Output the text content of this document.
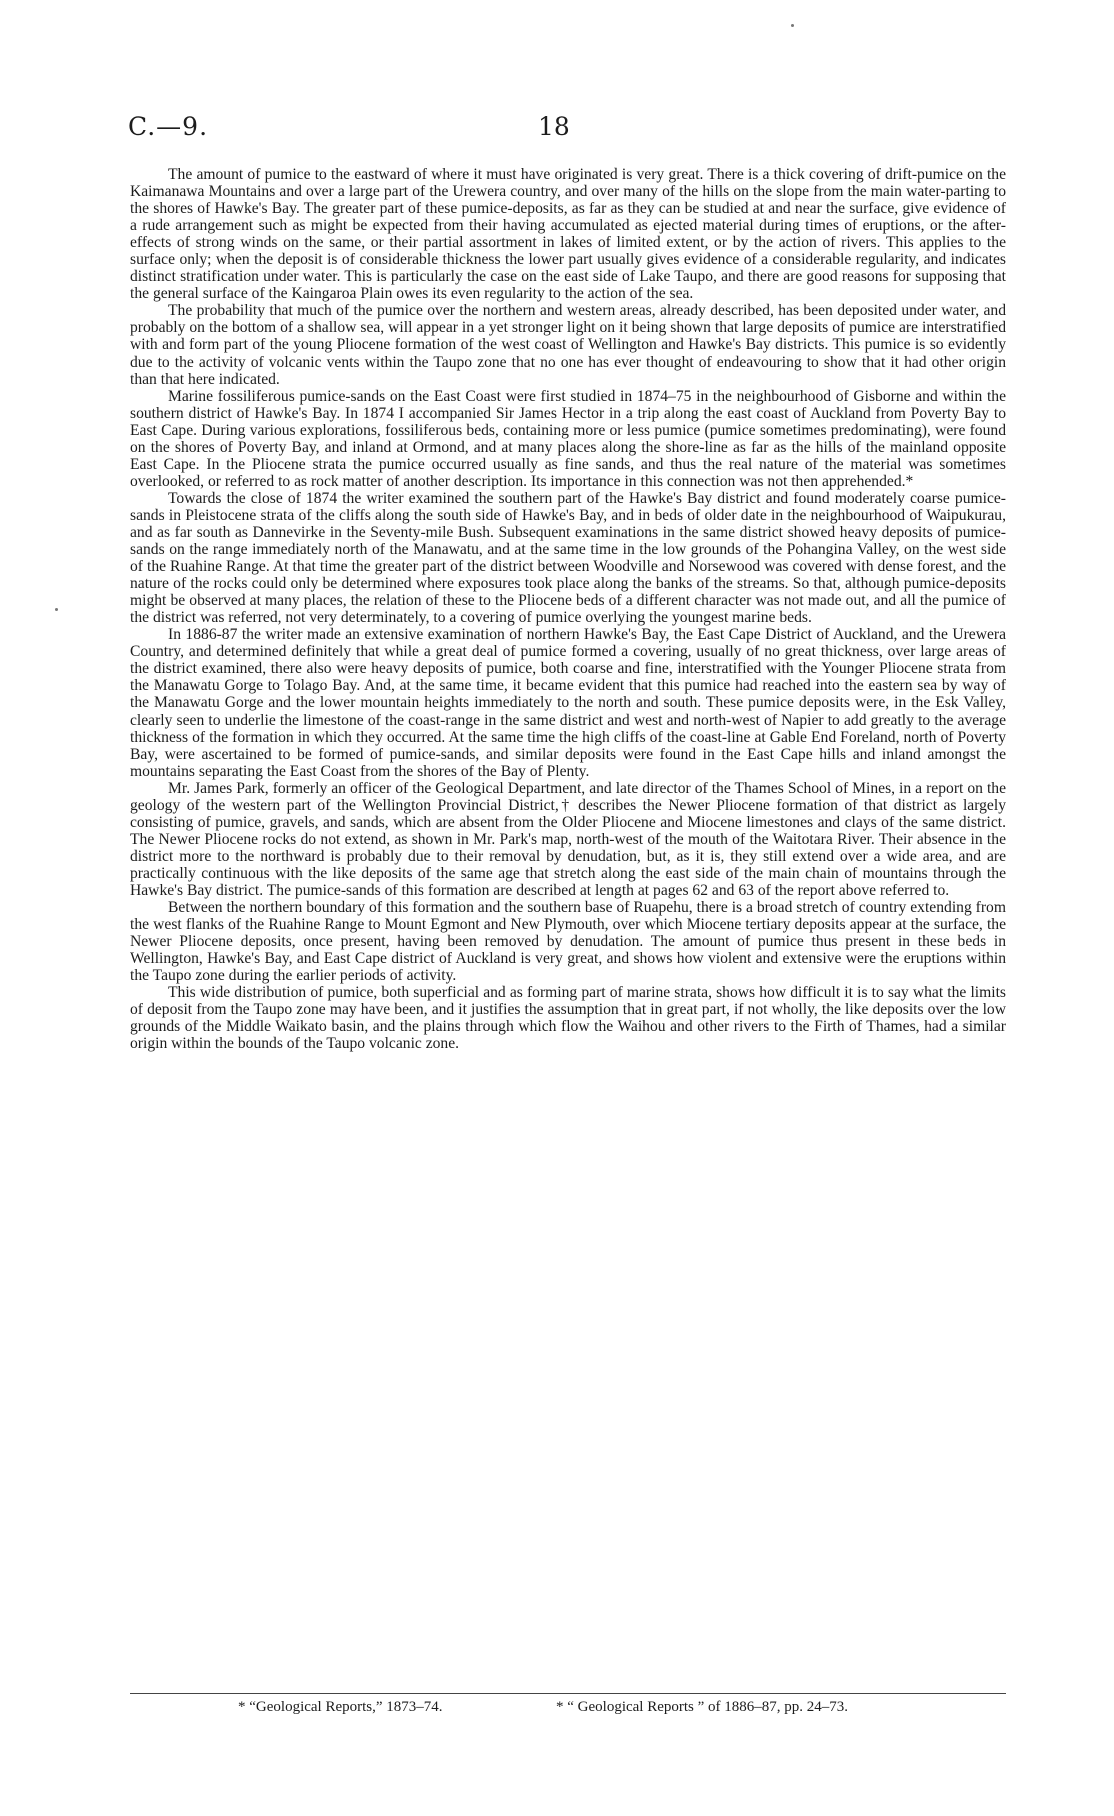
C.—9.	18

The amount of pumice to the eastward of where it must have originated is very great. There is a thick covering of drift-pumice on the Kaimanawa Mountains and over a large part of the Urewera country, and over many of the hills on the slope from the main water-parting to the shores of Hawke's Bay. The greater part of these pumice-deposits, as far as they can be studied at and near the surface, give evidence of a rude arrangement such as might be expected from their having accumulated as ejected material during times of eruptions, or the after-effects of strong winds on the same, or their partial assortment in lakes of limited extent, or by the action of rivers. This applies to the surface only; when the deposit is of considerable thickness the lower part usually gives evidence of a considerable regularity, and indicates distinct stratification under water. This is particularly the case on the east side of Lake Taupo, and there are good reasons for supposing that the general surface of the Kaingaroa Plain owes its even regularity to the action of the sea.

The probability that much of the pumice over the northern and western areas, already described, has been deposited under water, and probably on the bottom of a shallow sea, will appear in a yet stronger light on it being shown that large deposits of pumice are interstratified with and form part of the young Pliocene formation of the west coast of Wellington and Hawke's Bay districts. This pumice is so evidently due to the activity of volcanic vents within the Taupo zone that no one has ever thought of endeavouring to show that it had other origin than that here indicated.

Marine fossiliferous pumice-sands on the East Coast were first studied in 1874–75 in the neighbourhood of Gisborne and within the southern district of Hawke's Bay. In 1874 I accompanied Sir James Hector in a trip along the east coast of Auckland from Poverty Bay to East Cape. During various explorations, fossiliferous beds, containing more or less pumice (pumice sometimes predominating), were found on the shores of Poverty Bay, and inland at Ormond, and at many places along the shore-line as far as the hills of the mainland opposite East Cape. In the Pliocene strata the pumice occurred usually as fine sands, and thus the real nature of the material was sometimes overlooked, or referred to as rock matter of another description. Its importance in this connection was not then apprehended.*

Towards the close of 1874 the writer examined the southern part of the Hawke's Bay district and found moderately coarse pumice-sands in Pleistocene strata of the cliffs along the south side of Hawke's Bay, and in beds of older date in the neighbourhood of Waipukurau, and as far south as Dannevirke in the Seventy-mile Bush. Subsequent examinations in the same district showed heavy deposits of pumice-sands on the range immediately north of the Manawatu, and at the same time in the low grounds of the Pohangina Valley, on the west side of the Ruahine Range. At that time the greater part of the district between Woodville and Norsewood was covered with dense forest, and the nature of the rocks could only be determined where exposures took place along the banks of the streams. So that, although pumice-deposits might be observed at many places, the relation of these to the Pliocene beds of a different character was not made out, and all the pumice of the district was referred, not very determinately, to a covering of pumice overlying the youngest marine beds.

In 1886-87 the writer made an extensive examination of northern Hawke's Bay, the East Cape District of Auckland, and the Urewera Country, and determined definitely that while a great deal of pumice formed a covering, usually of no great thickness, over large areas of the district examined, there also were heavy deposits of pumice, both coarse and fine, interstratified with the Younger Pliocene strata from the Manawatu Gorge to Tolago Bay. And, at the same time, it became evident that this pumice had reached into the eastern sea by way of the Manawatu Gorge and the lower mountain heights immediately to the north and south. These pumice deposits were, in the Esk Valley, clearly seen to underlie the limestone of the coast-range in the same district and west and north-west of Napier to add greatly to the average thickness of the formation in which they occurred. At the same time the high cliffs of the coast-line at Gable End Foreland, north of Poverty Bay, were ascertained to be formed of pumice-sands, and similar deposits were found in the East Cape hills and inland amongst the mountains separating the East Coast from the shores of the Bay of Plenty.

Mr. James Park, formerly an officer of the Geological Department, and late director of the Thames School of Mines, in a report on the geology of the western part of the Wellington Provincial District,† describes the Newer Pliocene formation of that district as largely consisting of pumice, gravels, and sands, which are absent from the Older Pliocene and Miocene limestones and clays of the same district. The Newer Pliocene rocks do not extend, as shown in Mr. Park's map, north-west of the mouth of the Waitotara River. Their absence in the district more to the northward is probably due to their removal by denudation, but, as it is, they still extend over a wide area, and are practically continuous with the like deposits of the same age that stretch along the east side of the main chain of mountains through the Hawke's Bay district. The pumice-sands of this formation are described at length at pages 62 and 63 of the report above referred to.

Between the northern boundary of this formation and the southern base of Ruapehu, there is a broad stretch of country extending from the west flanks of the Ruahine Range to Mount Egmont and New Plymouth, over which Miocene tertiary deposits appear at the surface, the Newer Pliocene deposits, once present, having been removed by denudation. The amount of pumice thus present in these beds in Wellington, Hawke's Bay, and East Cape district of Auckland is very great, and shows how violent and extensive were the eruptions within the Taupo zone during the earlier periods of activity.

This wide distribution of pumice, both superficial and as forming part of marine strata, shows how difficult it is to say what the limits of deposit from the Taupo zone may have been, and it justifies the assumption that in great part, if not wholly, the like deposits over the low grounds of the Middle Waikato basin, and the plains through which flow the Waihou and other rivers to the Firth of Thames, had a similar origin within the bounds of the Taupo volcanic zone.

* “Geological Reports,” 1873–74.	* “ Geological Reports ” of 1886–87, pp. 24–73.
